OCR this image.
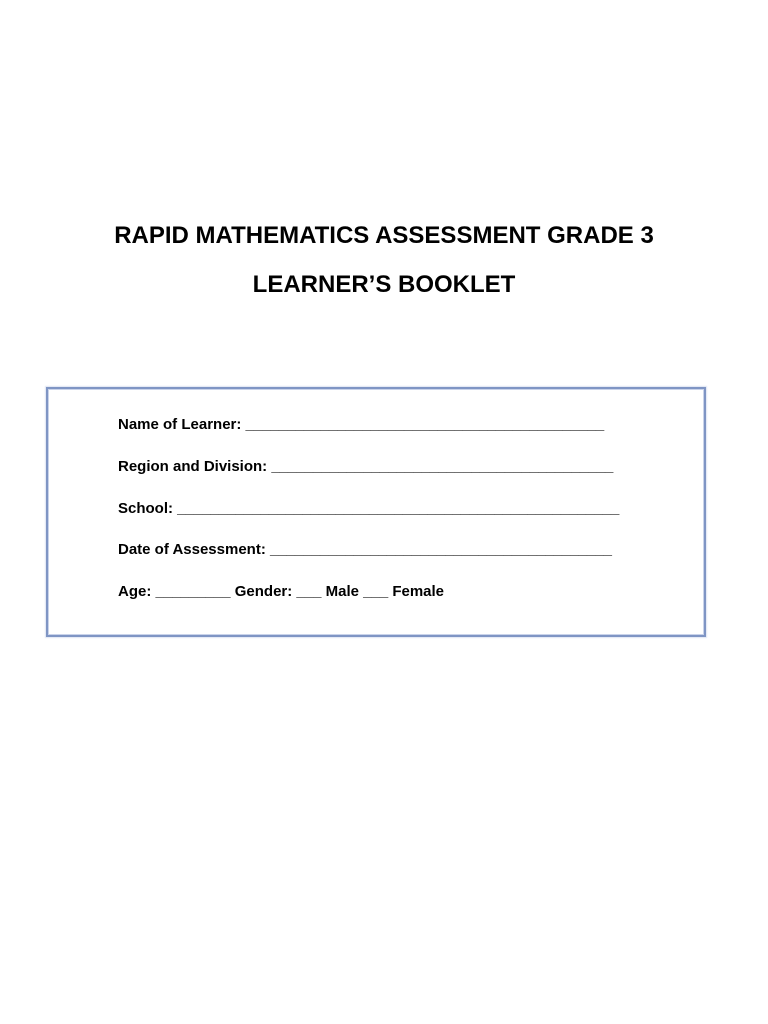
RAPID MATHEMATICS ASSESSMENT GRADE 3
LEARNER’S BOOKLET
Name of Learner: ___________________________________________
Region and Division: _________________________________________
School: _____________________________________________________
Date of Assessment: _________________________________________
Age: _________ Gender: ___ Male ___ Female
